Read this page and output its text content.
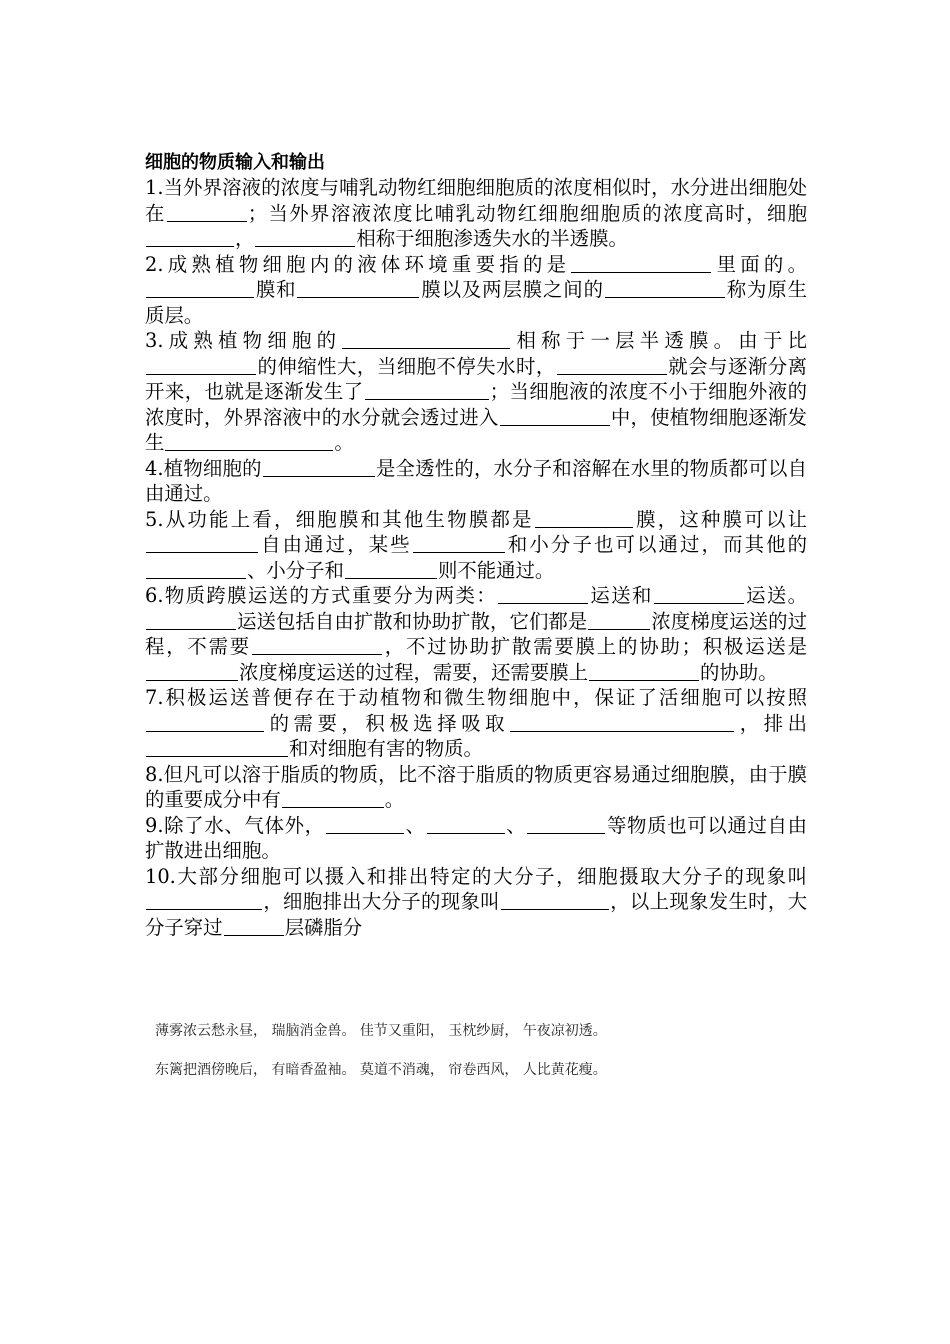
细胞的物质输入和输出

1.当外界溶液的浓度与哺乳动物红细胞细胞质的浓度相似时，水分进出细胞处在	；当外界溶液浓度比哺乳动物红细胞细胞质的浓度高时，细胞，	相称于细胞渗透失水的半透膜。

2.成熟植物细胞内的液体环境重要指的是	里面的。膜和	膜以及两层膜之间的	称为原生质层。

3.成熟植物细胞的	相称于一层半透膜。由于比的伸缩性大，当细胞不停失水时，	就会与逐渐分离开来，也就是逐渐发生了	；当细胞液的浓度不小于细胞外液的浓度时，外界溶液中的水分就会透过进入	中，使植物细胞逐渐发生	。

4.植物细胞的	是全透性的，水分子和溶解在水里的物质都可以自由通过。

5.从功能上看，细胞膜和其他生物膜都是	膜，这种膜可以让自由通过，某些	和小分子也可以通过，而其他的、小分子和	则不能通过。

6.物质跨膜运送的方式重要分为两类：	运送和	运送。运送包括自由扩散和协助扩散，它们都是	浓度梯度运送的过程，不需要	，不过协助扩散需要膜上的协助；积极运送是浓度梯度运送的过程，需要，还需要膜上	的协助。

7.积极运送普便存在于动植物和微生物细胞中，保证了活细胞可以按照的需要，积极选择吸取	，排出和对细胞有害的物质。

8.但凡可以溶于脂质的物质，比不溶于脂质的物质更容易通过细胞膜，由于膜的重要成分中有	。

9.除了水、气体外，	、	、	等物质也可以通过自由扩散进出细胞。

10.大部分细胞可以摄入和排出特定的大分子，细胞摄取大分子的现象叫，细胞排出大分子的现象叫	，以上现象发生时，大分子穿过	层磷脂分

薄雾浓云愁永昼， 瑞脑消金兽。 佳节又重阳， 玉枕纱厨， 午夜凉初透。
东篱把酒傍晚后， 有暗香盈袖。 莫道不消魂， 帘卷西风， 人比黄花瘦。
